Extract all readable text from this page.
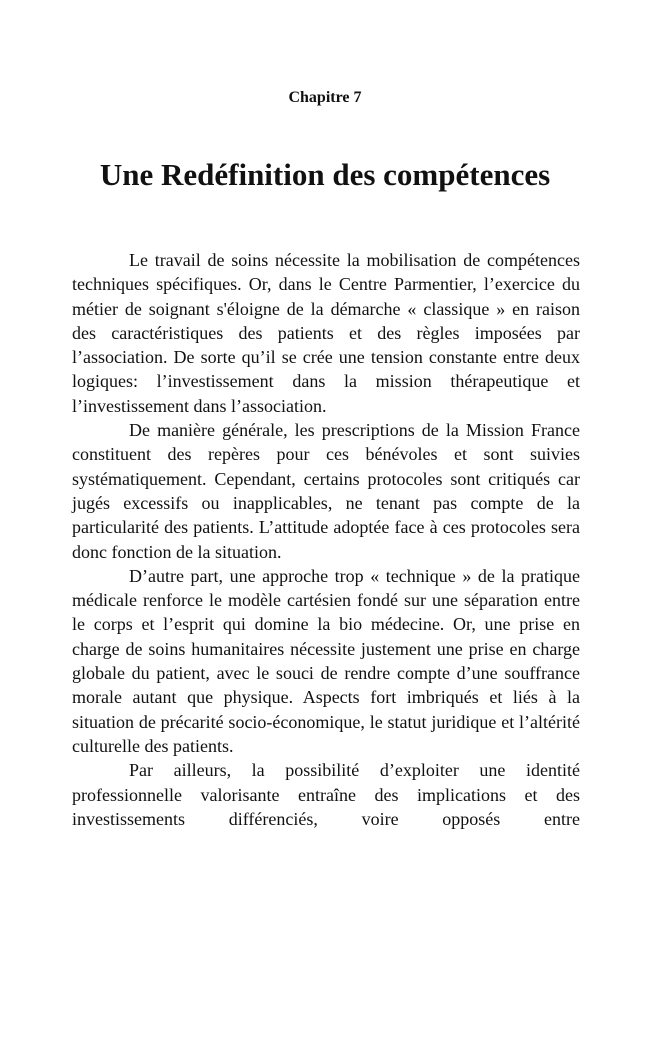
Chapitre 7
Une Redéfinition des compétences

Le travail de soins nécessite la mobilisation de compétences techniques spécifiques. Or, dans le Centre Parmentier, l’exercice du métier de soignant s'éloigne de la démarche « classique » en raison des caractéristiques des patients et des règles imposées par l’association. De sorte qu’il se crée une tension constante entre deux logiques: l’investissement dans la mission thérapeutique et l’investissement dans l’association.

De manière générale, les prescriptions de la Mission France constituent des repères pour ces bénévoles et sont suivies systématiquement. Cependant, certains protocoles sont critiqués car jugés excessifs ou inapplicables, ne tenant pas compte de la particularité des patients. L’attitude adoptée face à ces protocoles sera donc fonction de la situation.

D’autre part, une approche trop « technique » de la pratique médicale renforce le modèle cartésien fondé sur une séparation entre le corps et l’esprit qui domine la bio médecine. Or, une prise en charge de soins humanitaires nécessite justement une prise en charge globale du patient, avec le souci de rendre compte d’une souffrance morale autant que physique. Aspects fort imbriqués et liés à la situation de précarité socio-économique, le statut juridique et l’altérité culturelle des patients.

Par ailleurs, la possibilité d’exploiter une identité professionnelle valorisante entraîne des implications et des investissements différenciés, voire opposés entre
